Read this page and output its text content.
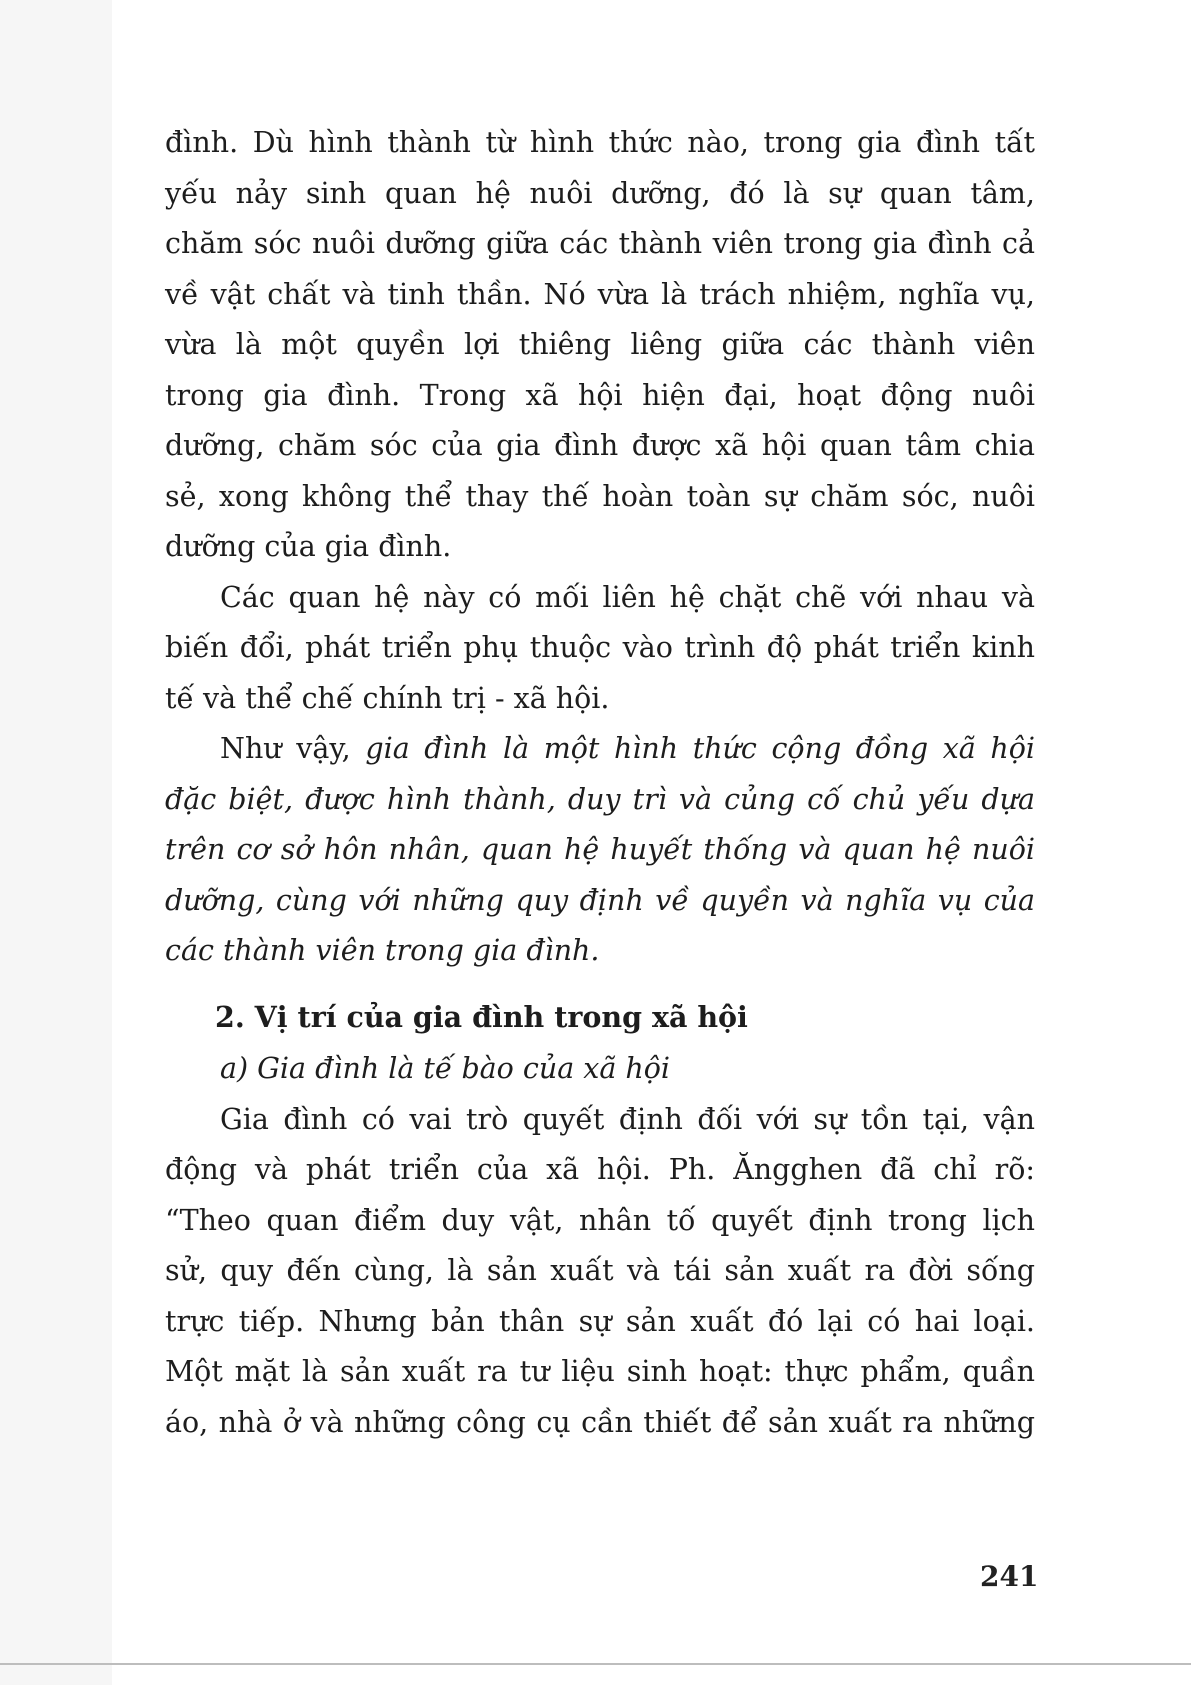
đình. Dù hình thành từ hình thức nào, trong gia đình tất
yếu nảy sinh quan hệ nuôi dưỡng, đó là sự quan tâm,
chăm sóc nuôi dưỡng giữa các thành viên trong gia đình cả
về vật chất và tinh thần. Nó vừa là trách nhiệm, nghĩa vụ,
vừa là một quyền lợi thiêng liêng giữa các thành viên
trong gia đình. Trong xã hội hiện đại, hoạt động nuôi
dưỡng, chăm sóc của gia đình được xã hội quan tâm chia
sẻ, xong không thể thay thế hoàn toàn sự chăm sóc, nuôi
dưỡng của gia đình.
Các quan hệ này có mối liên hệ chặt chẽ với nhau và
biến đổi, phát triển phụ thuộc vào trình độ phát triển kinh
tế và thể chế chính trị - xã hội.
Như vậy, gia đình là một hình thức cộng đồng xã hội
đặc biệt, được hình thành, duy trì và củng cố chủ yếu dựa
trên cơ sở hôn nhân, quan hệ huyết thống và quan hệ nuôi
dưỡng, cùng với những quy định về quyền và nghĩa vụ của
các thành viên trong gia đình.
2. Vị trí của gia đình trong xã hội
a) Gia đình là tế bào của xã hội
Gia đình có vai trò quyết định đối với sự tồn tại, vận
động và phát triển của xã hội. Ph. Ăngghen đã chỉ rõ:
“Theo quan điểm duy vật, nhân tố quyết định trong lịch
sử, quy đến cùng, là sản xuất và tái sản xuất ra đời sống
trực tiếp. Nhưng bản thân sự sản xuất đó lại có hai loại.
Một mặt là sản xuất ra tư liệu sinh hoạt: thực phẩm, quần
áo, nhà ở và những công cụ cần thiết để sản xuất ra những
241
